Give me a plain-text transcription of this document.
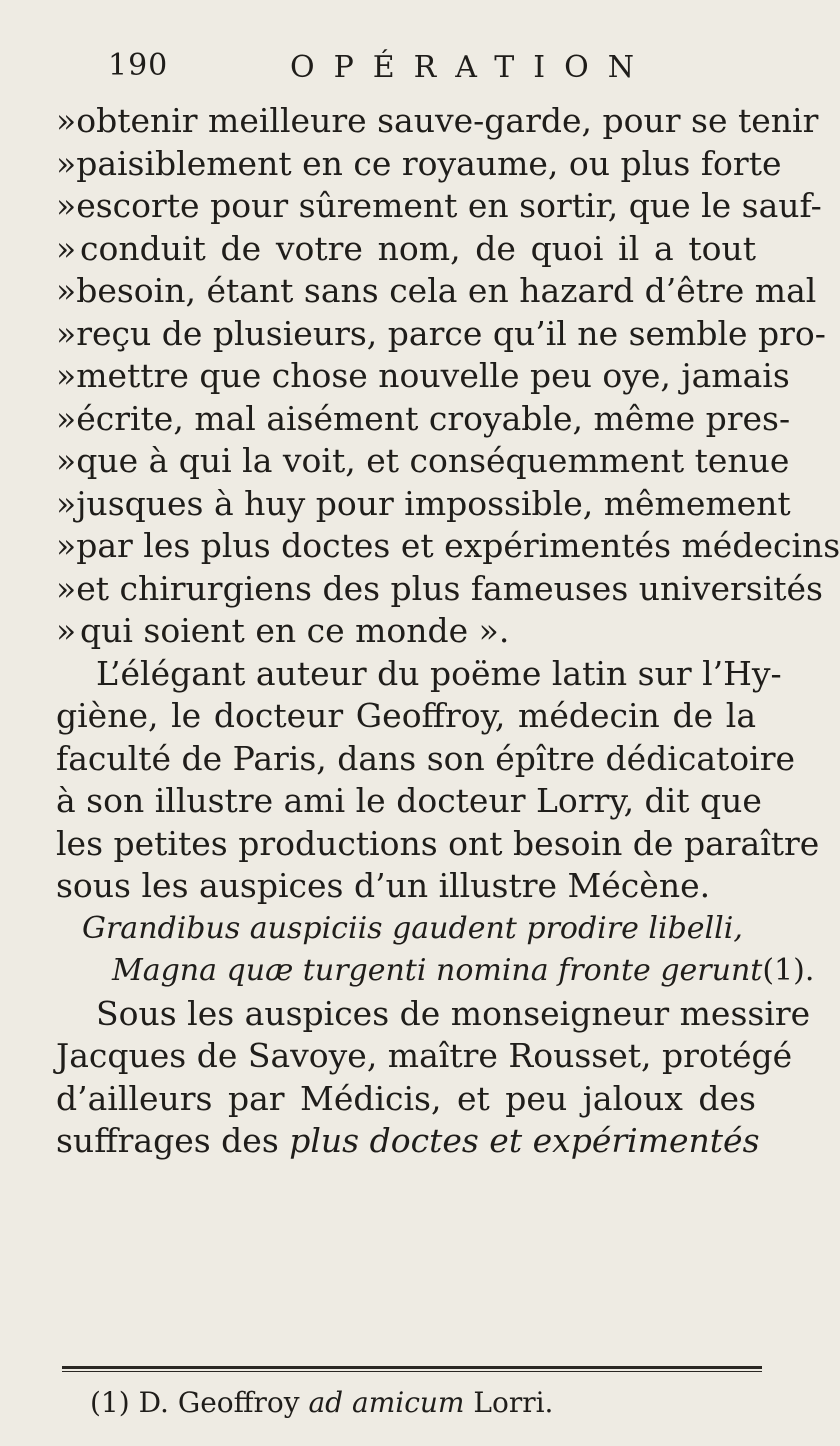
190	OPÉRATION
» obtenir meilleure sauve-garde, pour se tenir
» paisiblement en ce royaume, ou plus forte
» escorte pour sûrement en sortir, que le sauf-
» conduit de votre nom, de quoi il a tout
» besoin, étant sans cela en hazard d’être mal
» reçu de plusieurs, parce qu’il ne semble pro-
» mettre que chose nouvelle peu oye, jamais
» écrite, mal aisément croyable, même pres-
» que à qui la voit, et conséquemment tenue
» jusques à huy pour impossible, mêmement
» par les plus doctes et expérimentés médecins
» et chirurgiens des plus fameuses universités
» qui soient en ce monde ».
L’élégant auteur du poëme latin sur l’Hy-
giène, le docteur Geoffroy, médecin de la
faculté de Paris, dans son épître dédicatoire
à son illustre ami le docteur Lorry, dit que
les petites productions ont besoin de paraître
sous les auspices d’un illustre Mécène.
Grandibus auspiciis gaudent prodire libelli,
Magna quæ turgenti nomina fronte gerunt(1).
Sous les auspices de monseigneur messire
Jacques de Savoye, maître Rousset, protégé
d’ailleurs par Médicis, et peu jaloux des
suffrages des plus doctes et expérimentés
(1) D. Geoffroy ad amicum Lorri.
